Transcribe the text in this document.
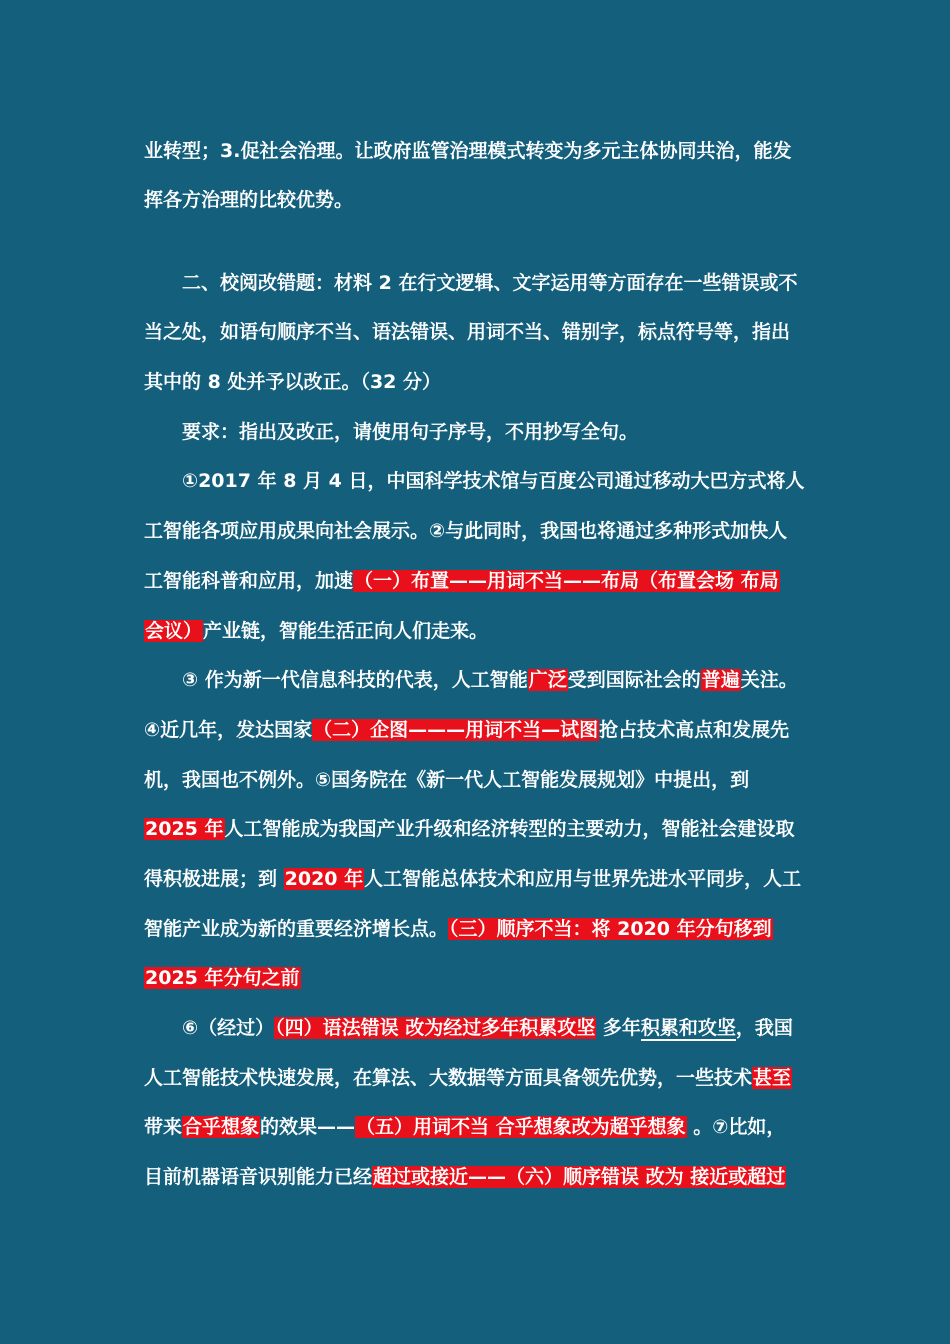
业转型；3.促社会治理。让政府监管治理模式转变为多元主体协同共治，能发
挥各方治理的比较优势。
二、校阅改错题：材料 2 在行文逻辑、文字运用等方面存在一些错误或不
当之处，如语句顺序不当、语法错误、用词不当、错别字，标点符号等，指出
其中的 8 处并予以改正。（32 分）
要求：指出及改正，请使用句子序号，不用抄写全句。
①2017 年 8 月 4 日，中国科学技术馆与百度公司通过移动大巴方式将人
工智能各项应用成果向社会展示。②与此同时，我国也将通过多种形式加快人
工智能科普和应用，加速（一）布置——用词不当——布局（布置会场 布局
会议）产业链，智能生活正向人们走来。
③ 作为新一代信息科技的代表，人工智能广泛受到国际社会的普遍关注。
④近几年，发达国家（二）企图———用词不当—试图抢占技术高点和发展先
机，我国也不例外。⑤国务院在《新一代人工智能发展规划》中提出，到
2025 年人工智能成为我国产业升级和经济转型的主要动力，智能社会建设取
得积极进展；到 2020 年人工智能总体技术和应用与世界先进水平同步，人工
智能产业成为新的重要经济增长点。（三）顺序不当：将 2020 年分句移到
2025 年分句之前
⑥（经过）（四）语法错误 改为经过多年积累攻坚 多年积累和攻坚，我国
人工智能技术快速发展，在算法、大数据等方面具备领先优势，一些技术甚至
带来合乎想象的效果——（五）用词不当 合乎想象改为超乎想象 。⑦比如，
目前机器语音识别能力已经超过或接近——（六）顺序错误 改为 接近或超过
